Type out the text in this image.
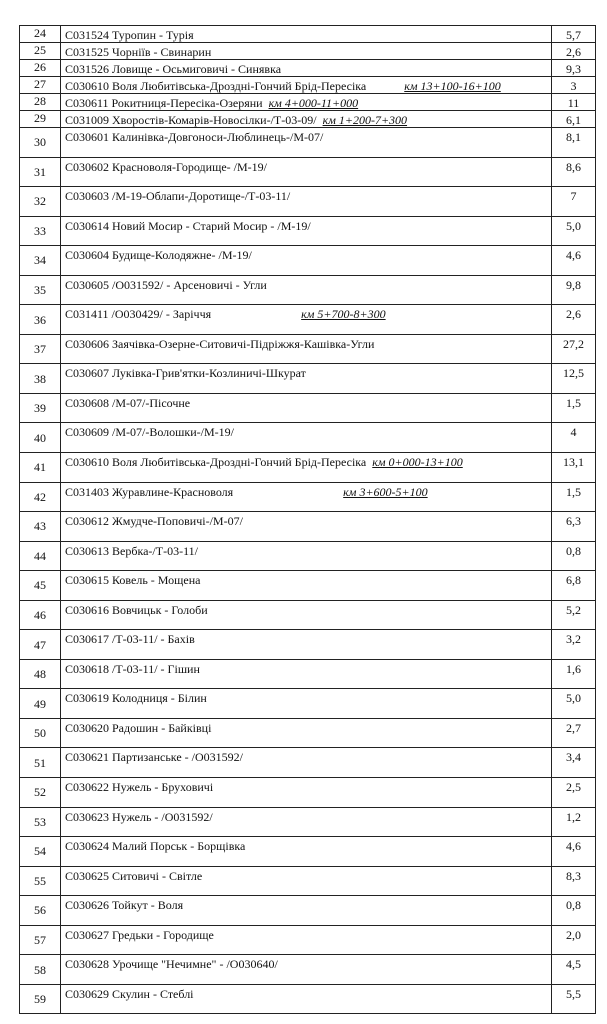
24	С031524 Туропин - Турія	5,7
25	С031525 Чорніїв - Свинарин	2,6
26	С031526 Ловище - Осьмиговичі - Синявка	9,3
27	С030610 Воля Любитівська-Дроздні-Гончий Брід-Пересіка км 13+100-16+100	3
28	С030611 Рокитниця-Пересіка-Озеряни км 4+000-11+000	11
29	С031009 Хворостів-Комарів-Новосілки-/Т-03-09/ км 1+200-7+300	6,1
30	С030601 Калинівка-Довгоноси-Люблинець-/М-07/	8,1
31	С030602 Красноволя-Городище- /М-19/	8,6
32	С030603 /М-19-Облапи-Доротище-/Т-03-11/	7
33	С030614 Новий Мосир - Старий Мосир - /М-19/	5,0
34	С030604 Будище-Колодяжне- /М-19/	4,6
35	С030605 /О031592/ - Арсеновичі - Угли	9,8
36	С031411 /О030429/ - Заріччя км 5+700-8+300	2,6
37	С030606 Заячівка-Озерне-Ситовичі-Підріжжя-Кашівка-Угли	27,2
38	С030607 Луківка-Грив'ятки-Козлиничі-Шкурат	12,5
39	С030608 /М-07/-Пісочне	1,5
40	С030609 /М-07/-Волошки-/М-19/	4
41	С030610 Воля Любитівська-Дроздні-Гончий Брід-Пересіка км 0+000-13+100	13,1
42	С031403 Журавлине-Красноволя км 3+600-5+100	1,5
43	С030612 Жмудче-Поповичі-/М-07/	6,3
44	С030613 Вербка-/Т-03-11/	0,8
45	С030615 Ковель - Мощена	6,8
46	С030616 Вовчицьк - Голоби	5,2
47	С030617 /Т-03-11/ - Бахів	3,2
48	С030618 /Т-03-11/ - Гішин	1,6
49	С030619 Колодниця - Білин	5,0
50	С030620 Радошин - Байківці	2,7
51	С030621 Партизанське - /О031592/	3,4
52	С030622 Нужель - Бруховичі	2,5
53	С030623 Нужель - /О031592/	1,2
54	С030624 Малий Порськ - Борщівка	4,6
55	С030625 Ситовичі - Світле	8,3
56	С030626 Тойкут - Воля	0,8
57	С030627 Гредьки - Городище	2,0
58	С030628 Урочище "Нечимне" - /О030640/	4,5
59	С030629 Скулин - Стеблі	5,5
